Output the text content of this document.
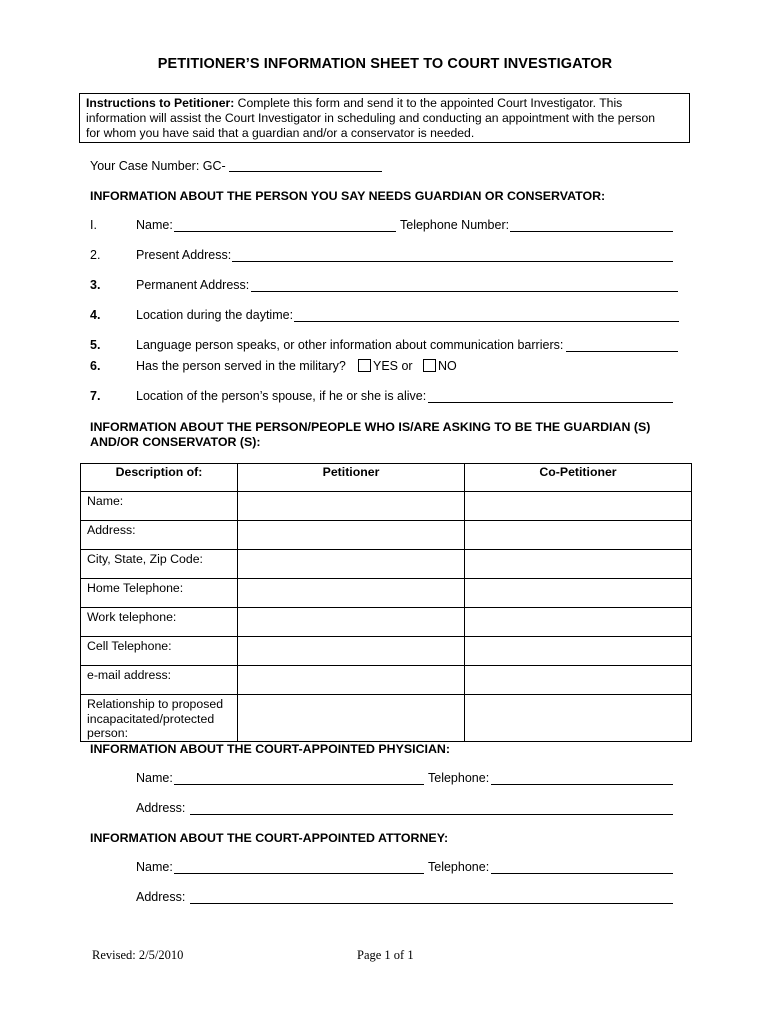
PETITIONER’S INFORMATION SHEET TO COURT INVESTIGATOR
Instructions to Petitioner: Complete this form and send it to the appointed Court Investigator. This
information will assist the Court Investigator in scheduling and conducting an appointment with the person
for whom you have said that a guardian and/or a conservator is needed.
Your Case Number: GC-
INFORMATION ABOUT THE PERSON YOU SAY NEEDS GUARDIAN OR CONSERVATOR:
I.	Name:	Telephone Number:
2.	Present Address:
3.	Permanent Address:
4.	Location during the daytime:
5.	Language person speaks, or other information about communication barriers:
6.	Has the person served in the military?	YES or	NO
7.	Location of the person’s spouse, if he or she is alive:
INFORMATION ABOUT THE PERSON/PEOPLE WHO IS/ARE ASKING TO BE THE GUARDIAN (S)
AND/OR CONSERVATOR (S):
Description of:	Petitioner	Co-Petitioner
Name:		
Address:		
City, State, Zip Code:		
Home Telephone:		
Work telephone:		
Cell Telephone:		
e-mail address:		

Relationship to proposed
incapacitated/protected
person:		

INFORMATION ABOUT THE COURT-APPOINTED PHYSICIAN:
Name:	Telephone:
Address:
INFORMATION ABOUT THE COURT-APPOINTED ATTORNEY:
Name:	Telephone:
Address:
Revised: 2/5/2010	Page 1 of 1
